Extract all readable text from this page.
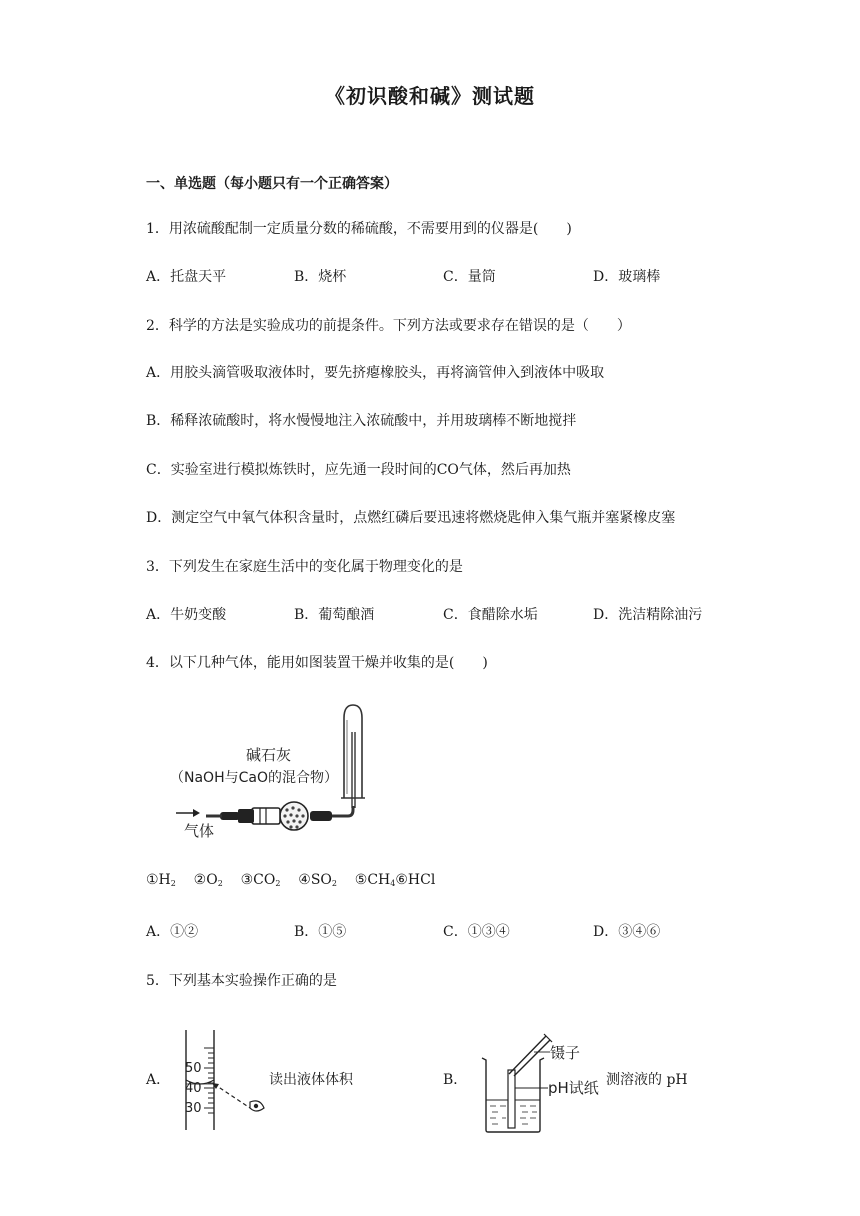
《初识酸和碱》测试题
一、单选题（每小题只有一个正确答案）
1．用浓硫酸配制一定质量分数的稀硫酸，不需要用到的仪器是(　　)
A．托盘天平	B．烧杯	C．量筒	D．玻璃棒
2．科学的方法是实验成功的前提条件。下列方法或要求存在错误的是（　　）
A．用胶头滴管吸取液体时，要先挤瘪橡胶头，再将滴管伸入到液体中吸取
B．稀释浓硫酸时，将水慢慢地注入浓硫酸中，并用玻璃棒不断地搅拌
C．实验室进行模拟炼铁时，应先通一段时间的CO气体，然后再加热
D．测定空气中氧气体积含量时，点燃红磷后要迅速将燃烧匙伸入集气瓶并塞紧橡皮塞
3．下列发生在家庭生活中的变化属于物理变化的是
A．牛奶变酸	B．葡萄酿酒	C．食醋除水垢	D．洗洁精除油污
4．以下几种气体，能用如图装置干燥并收集的是(　　)
碱石灰
（NaOH与CaO的混合物）
气体
$①H_2$ $②O_2$ $③CO_2$ $④SO_2$ $⑤CH_4⑥HCl$
A．①②	B．①⑤	C．①③④	D．③④⑥
5．下列基本实验操作正确的是
A．
50
40
30
读出液体体积	B．
镊子
pH试纸 测溶液的 pH
